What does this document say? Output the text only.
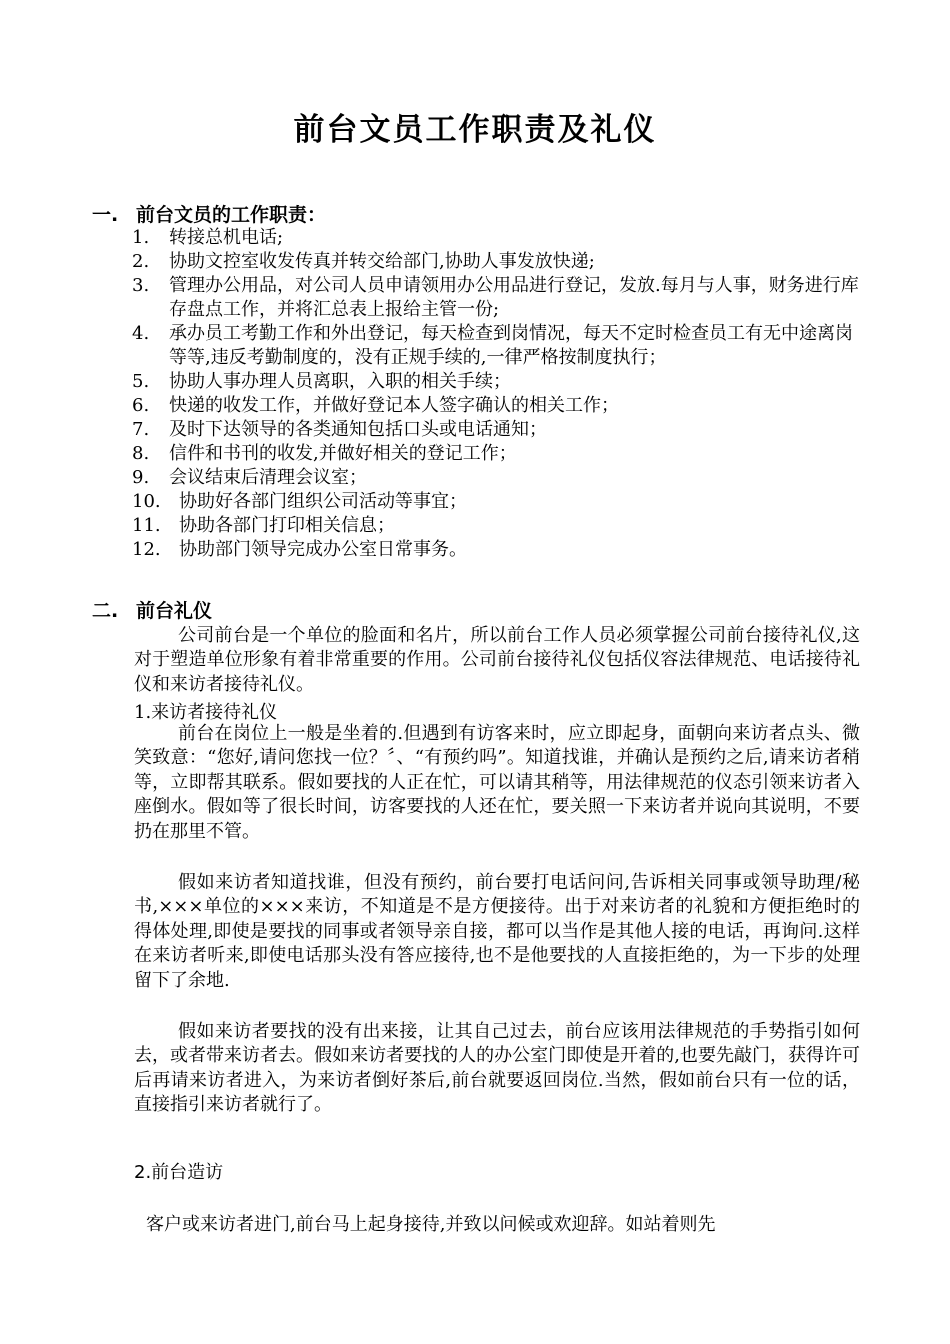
前台文员工作职责及礼仪
一. 前台文员的工作职责：
1.	转接总机电话;
2.	协助文控室收发传真并转交给部门,协助人事发放快递;
3.	管理办公用品，对公司人员申请领用办公用品进行登记，发放.每月与人事，财务进行库存盘点工作，并将汇总表上报给主管一份;
4.	承办员工考勤工作和外出登记，每天检查到岗情况，每天不定时检查员工有无中途离岗等等,违反考勤制度的，没有正规手续的,一律严格按制度执行；
5.	协助人事办理人员离职，入职的相关手续；
6.	快递的收发工作，并做好登记本人签字确认的相关工作；
7.	及时下达领导的各类通知包括口头或电话通知；
8.	信件和书刊的收发,并做好相关的登记工作；
9.	会议结束后清理会议室；
10.	协助好各部门组织公司活动等事宜；
11.	协助各部门打印相关信息；
12.	协助部门领导完成办公室日常事务。
二. 前台礼仪
公司前台是一个单位的脸面和名片，所以前台工作人员必须掌握公司前台接待礼仪,这对于塑造单位形象有着非常重要的作用。公司前台接待礼仪包括仪容法律规范、电话接待礼仪和来访者接待礼仪。
1.来访者接待礼仪
前台在岗位上一般是坐着的.但遇到有访客来时，应立即起身，面朝向来访者点头、微笑致意：“您好,请问您找一位？〞、“有预约吗”。知道找谁，并确认是预约之后,请来访者稍等，立即帮其联系。假如要找的人正在忙，可以请其稍等，用法律规范的仪态引领来访者入座倒水。假如等了很长时间，访客要找的人还在忙，要关照一下来访者并说向其说明，不要扔在那里不管。
假如来访者知道找谁，但没有预约，前台要打电话问问,告诉相关同事或领导助理/秘书,×××单位的×××来访，不知道是不是方便接待。出于对来访者的礼貌和方便拒绝时的得体处理,即使是要找的同事或者领导亲自接，都可以当作是其他人接的电话，再询问.这样在来访者听来,即使电话那头没有答应接待,也不是他要找的人直接拒绝的，为一下步的处理留下了余地.
假如来访者要找的没有出来接，让其自己过去，前台应该用法律规范的手势指引如何去，或者带来访者去。假如来访者要找的人的办公室门即使是开着的,也要先敲门，获得许可后再请来访者进入，为来访者倒好茶后,前台就要返回岗位.当然，假如前台只有一位的话，直接指引来访者就行了。
2.前台造访
客户或来访者进门,前台马上起身接待,并致以问候或欢迎辞。如站着则先
